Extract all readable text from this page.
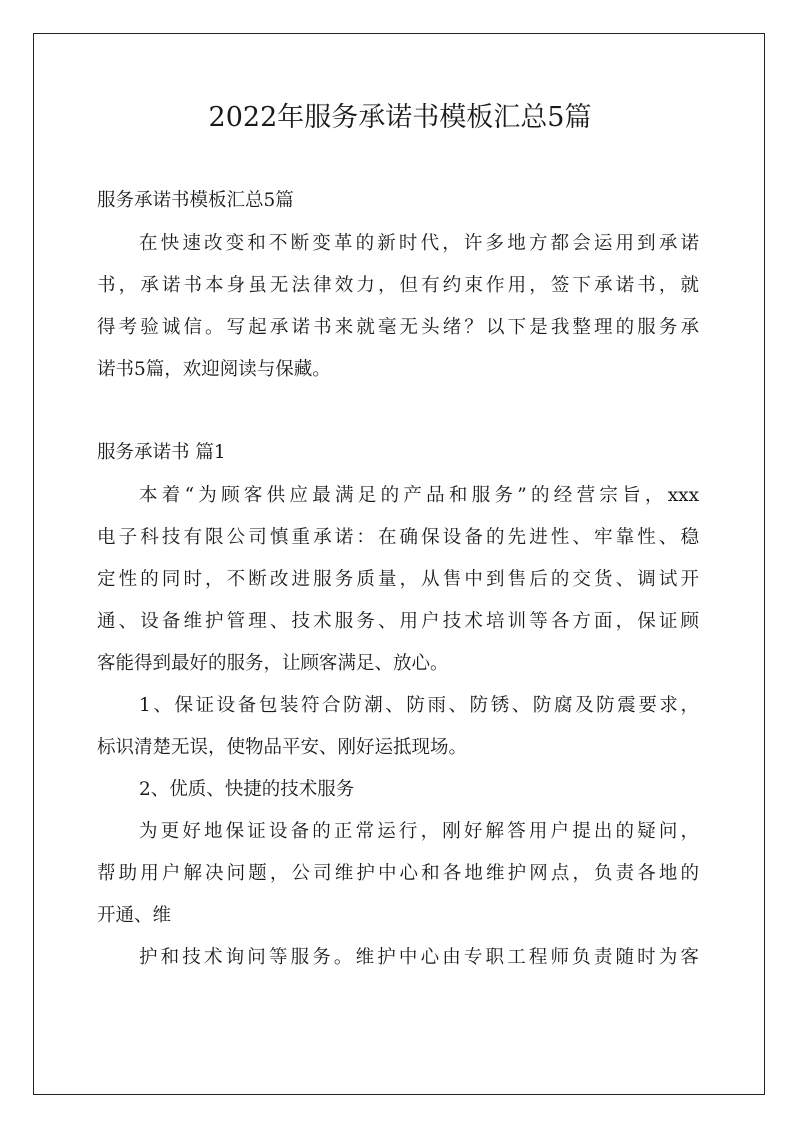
2022年服务承诺书模板汇总5篇
服务承诺书模板汇总5篇
在快速改变和不断变革的新时代，许多地方都会运用到承诺
书，承诺书本身虽无法律效力，但有约束作用，签下承诺书，就
得考验诚信。写起承诺书来就毫无头绪？以下是我整理的服务承
诺书5篇，欢迎阅读与保藏。
服务承诺书 篇1
本着“为顾客供应最满足的产品和服务”的经营宗旨，xxx
电子科技有限公司慎重承诺：在确保设备的先进性、牢靠性、稳
定性的同时，不断改进服务质量，从售中到售后的交货、调试开
通、设备维护管理、技术服务、用户技术培训等各方面，保证顾
客能得到最好的服务，让顾客满足、放心。
1、保证设备包装符合防潮、防雨、防锈、防腐及防震要求，
标识清楚无误，使物品平安、刚好运抵现场。
2、优质、快捷的技术服务
为更好地保证设备的正常运行，刚好解答用户提出的疑问，
帮助用户解决问题，公司维护中心和各地维护网点，负责各地的
开通、维
护和技术询问等服务。维护中心由专职工程师负责随时为客
